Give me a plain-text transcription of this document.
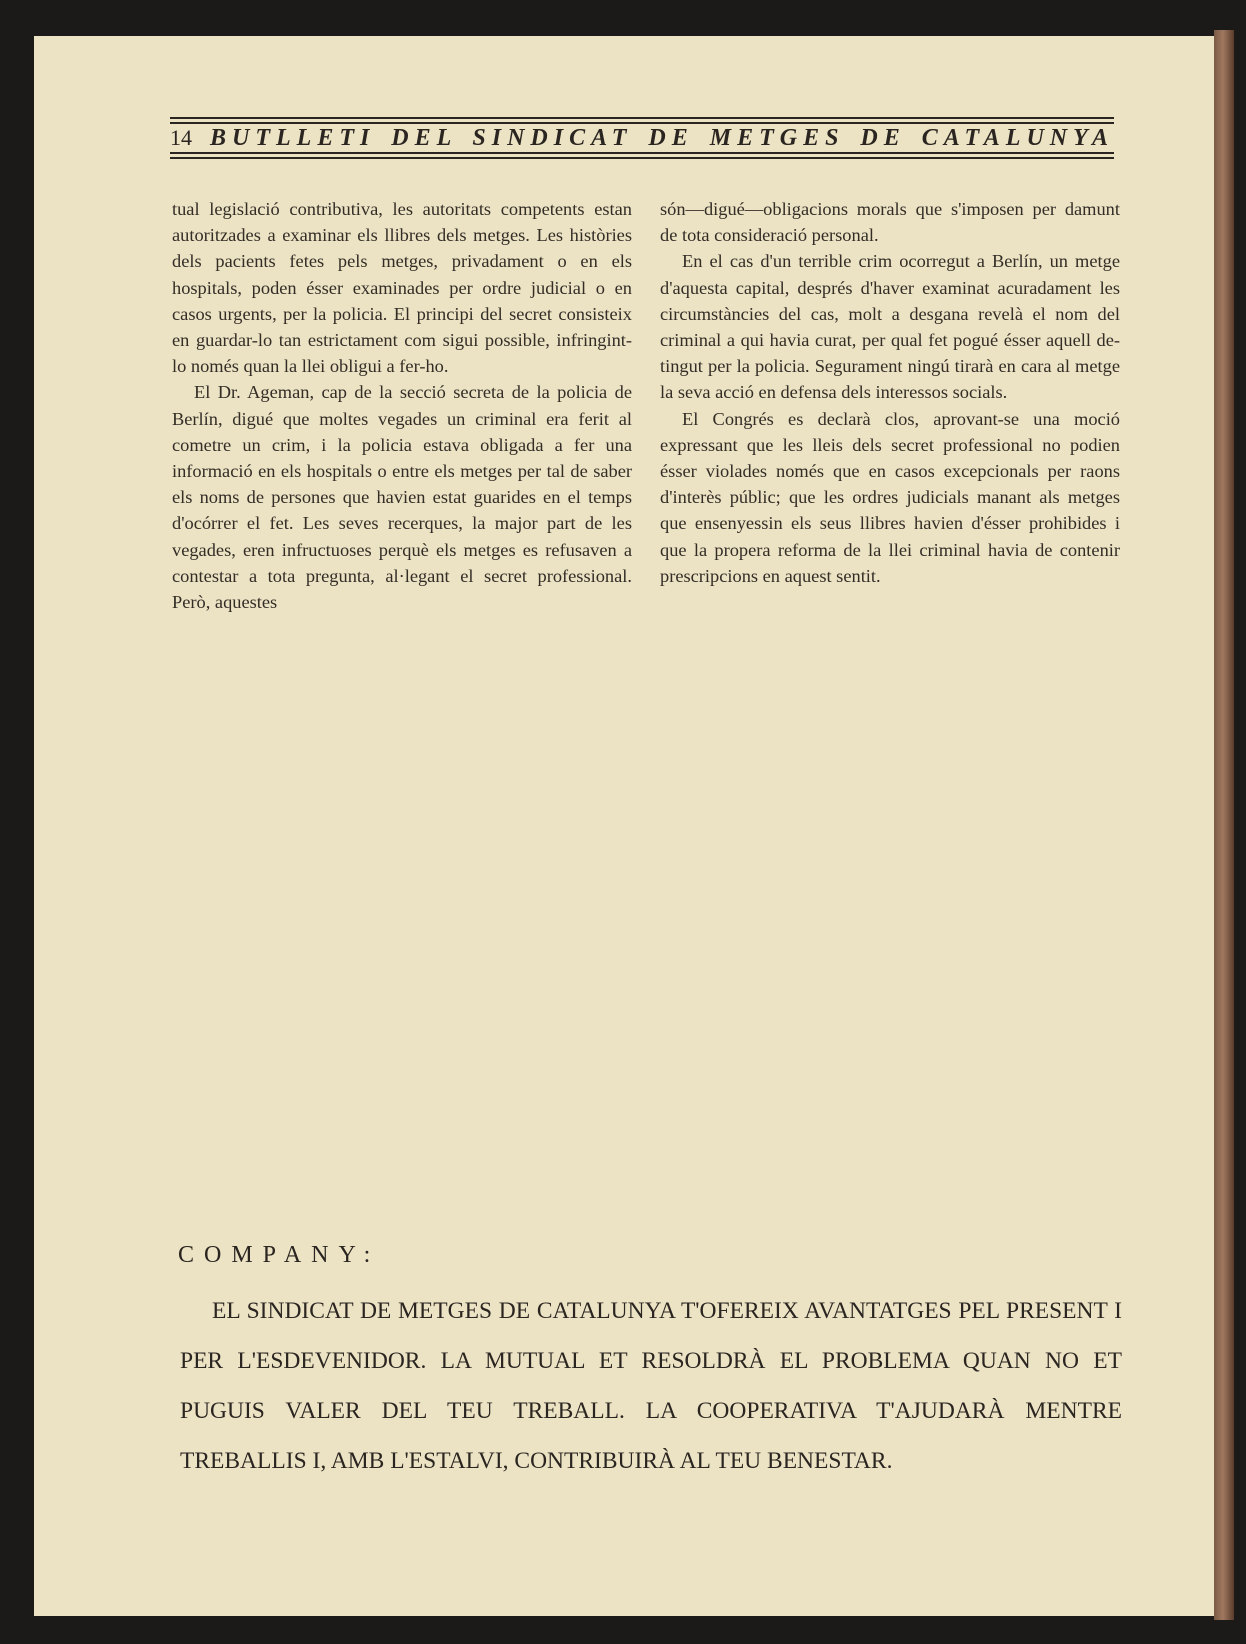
14 BUTLLETI DEL SINDICAT DE METGES DE CATALUNYA

tual legislació contributiva, les autoritats competents estan autoritzades a examinar els llibres dels metges. Les històries dels pacients fetes pels metges, privadament o en els hospitals, poden ésser examinades per ordre judicial o en casos urgents, per la policia. El principi del secret consisteix en guardar-lo tan estrictament com sigui possible, infringint-lo només quan la llei obligui a fer-ho.

El Dr. Ageman, cap de la secció secreta de la policia de Berlín, digué que moltes vegades un criminal era ferit al cometre un crim, i la policia estava obligada a fer una informació en els hospitals o entre els metges per tal de saber els noms de persones que havien estat guarides en el temps d'ocórrer el fet. Les seves recerques, la major part de les vegades, eren infructuoses perquè els metges es refusaven a contestar a tota pregunta, al·legant el secret professional. Però, aquestes

són—digué—obligacions morals que s'imposen per damunt de tota consideració personal.

En el cas d'un terrible crim ocorregut a Berlín, un metge d'aquesta capital, després d'haver examinat acuradament les circumstàncies del cas, molt a desgana revelà el nom del criminal a qui havia curat, per qual fet pogué ésser aquell detingut per la policia. Segurament ningú tirarà en cara al metge la seva acció en defensa dels interessos socials.

El Congrés es declarà clos, aprovant-se una moció expressant que les lleis dels secret professional no podien ésser violades només que en casos excepcionals per raons d'interès públic; que les ordres judicials manant als metges que ensenyessin els seus llibres havien d'ésser prohibides i que la propera reforma de la llei criminal havia de contenir prescripcions en aquest sentit.

COMPANY:
EL SINDICAT DE METGES DE CATALUNYA T'OFEREIX AVANTATGES PEL PRESENT I PER L'ESDEVENIDOR. LA MUTUAL ET RESOLDRÀ EL PROBLEMA QUAN NO ET PUGUIS VALER DEL TEU TREBALL. LA COOPERATIVA T'AJUDARÀ MENTRE TREBALLIS I, AMB L'ESTALVI, CONTRIBUIRÀ AL TEU BENESTAR.
